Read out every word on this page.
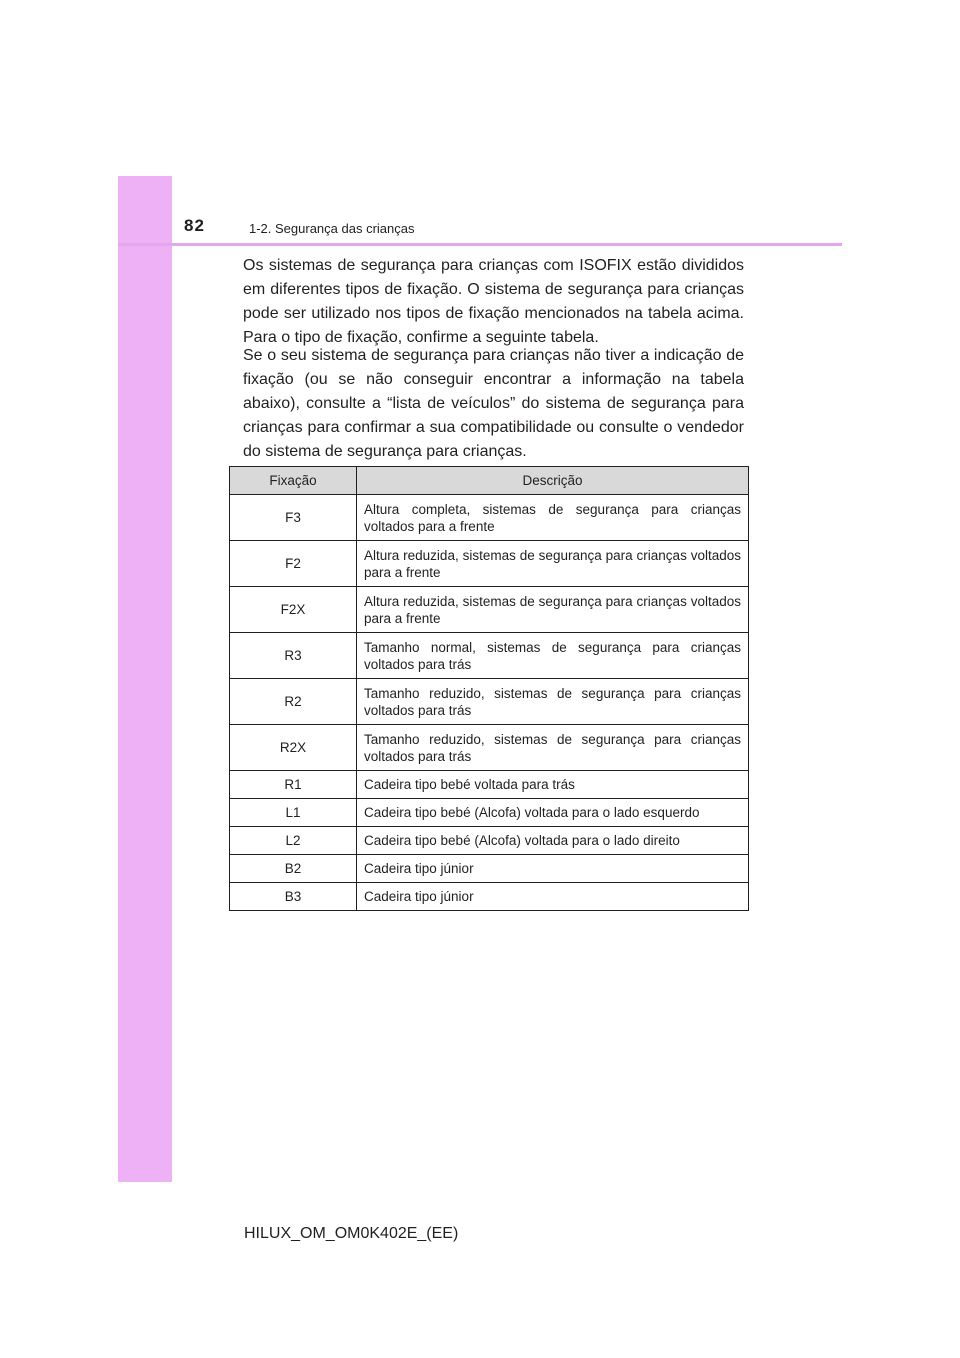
82	1-2. Segurança das crianças

Os sistemas de segurança para crianças com ISOFIX estão divididos em diferentes tipos de fixação. O sistema de segurança para crianças pode ser utilizado nos tipos de fixação mencionados na tabela acima. Para o tipo de fixação, confirme a seguinte tabela.

Se o seu sistema de segurança para crianças não tiver a indicação de fixação (ou se não conseguir encontrar a informação na tabela abaixo), consulte a “lista de veículos” do sistema de segurança para crianças para confirmar a sua compatibilidade ou consulte o vendedor do sistema de segurança para crianças.

Fixação	Descrição
F3	Altura completa, sistemas de segurança para crianças voltados para a frente
F2	Altura reduzida, sistemas de segurança para crianças voltados para a frente
F2X	Altura reduzida, sistemas de segurança para crianças voltados para a frente
R3	Tamanho normal, sistemas de segurança para crianças voltados para trás
R2	Tamanho reduzido, sistemas de segurança para crianças voltados para trás
R2X	Tamanho reduzido, sistemas de segurança para crianças voltados para trás
R1	Cadeira tipo bebé voltada para trás
L1	Cadeira tipo bebé (Alcofa) voltada para o lado esquerdo
L2	Cadeira tipo bebé (Alcofa) voltada para o lado direito
B2	Cadeira tipo júnior
B3	Cadeira tipo júnior
HILUX_OM_OM0K402E_(EE)
